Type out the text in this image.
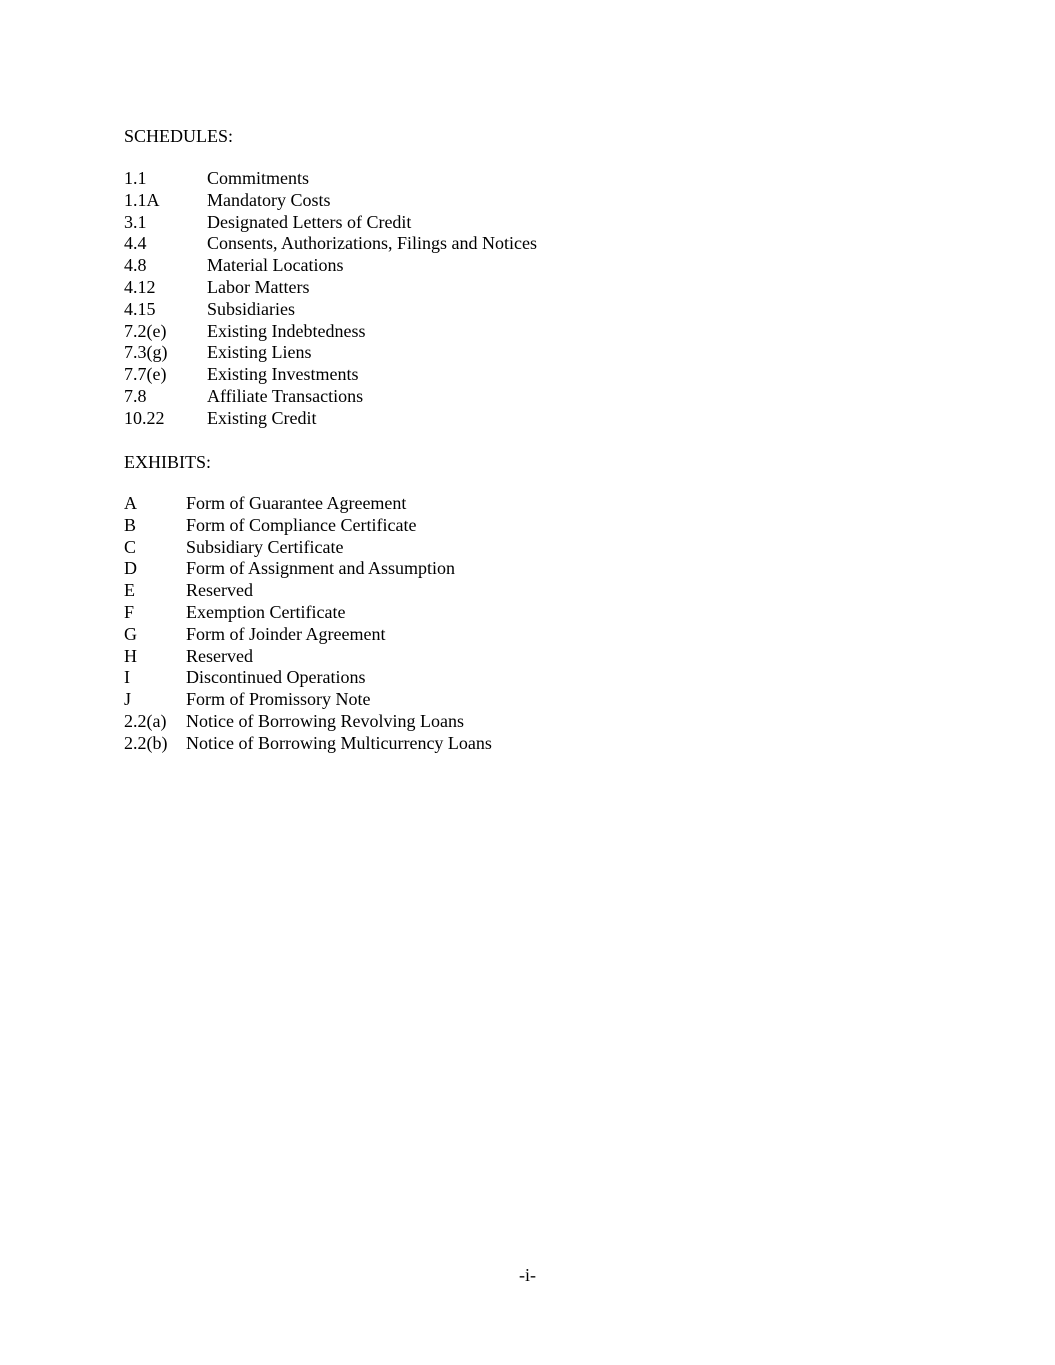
SCHEDULES:
1.1	Commitments
1.1A	Mandatory Costs
3.1	Designated Letters of Credit
4.4	Consents, Authorizations, Filings and Notices
4.8	Material Locations
4.12	Labor Matters
4.15	Subsidiaries
7.2(e)	Existing Indebtedness
7.3(g)	Existing Liens
7.7(e)	Existing Investments
7.8	Affiliate Transactions
10.22	Existing Credit
EXHIBITS:
A	Form of Guarantee Agreement
B	Form of Compliance Certificate
C	Subsidiary Certificate
D	Form of Assignment and Assumption
E	Reserved
F	Exemption Certificate
G	Form of Joinder Agreement
H	Reserved
I	Discontinued Operations
J	Form of Promissory Note
2.2(a)	Notice of Borrowing Revolving Loans
2.2(b)	Notice of Borrowing Multicurrency Loans
-i-
